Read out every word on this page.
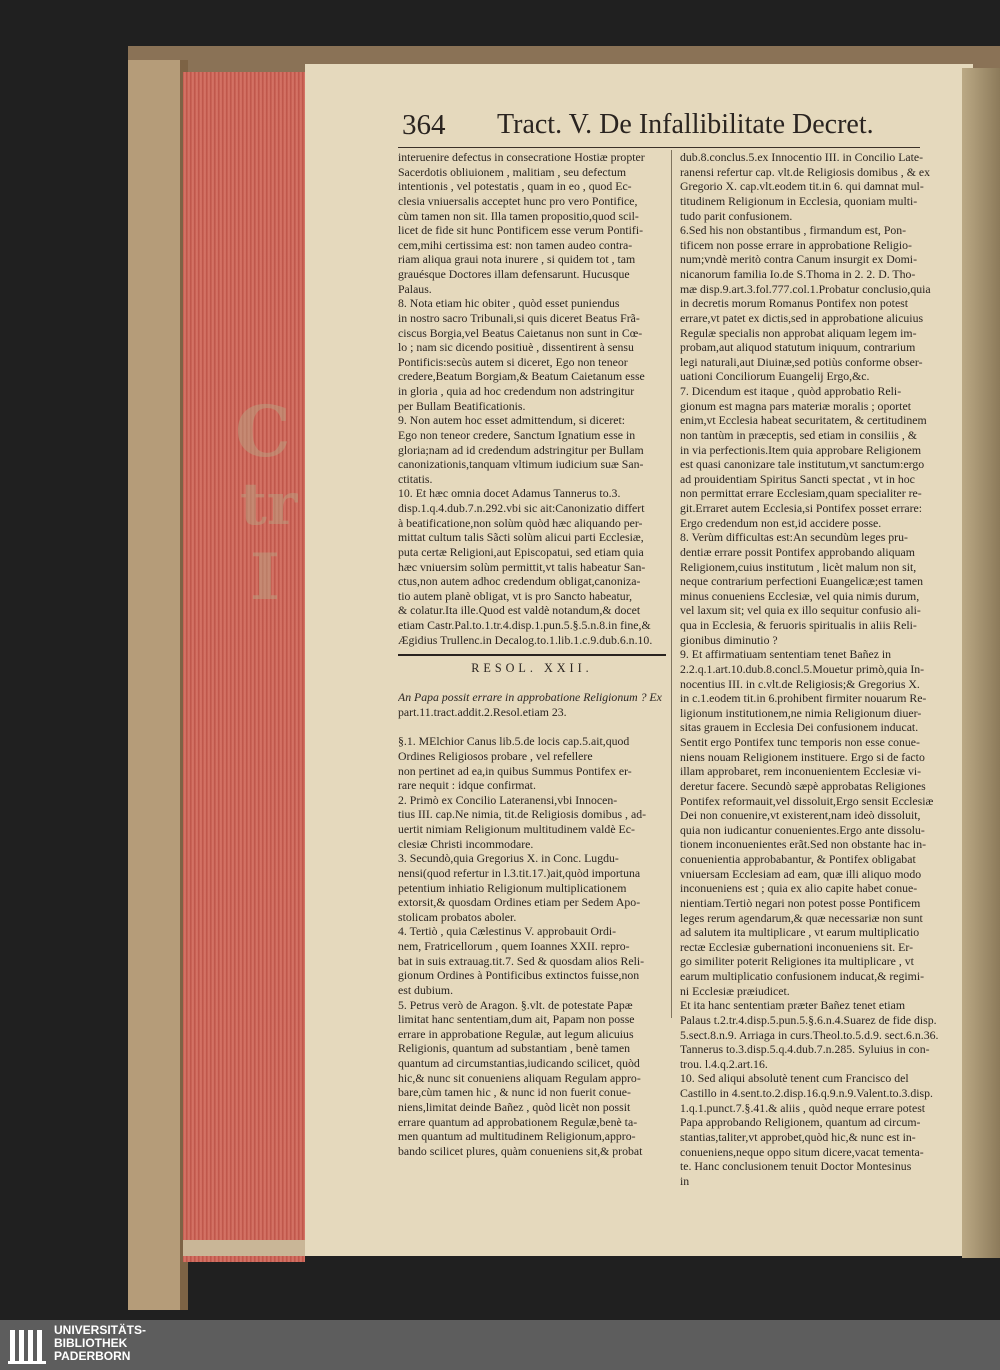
C
tr
I
364 Tract. V. De Infallibilitate Decret.

interuenire defectus in consecratione Hostiæ propter

Sacerdotis obliuionem , malitiam , seu defectum

intentionis , vel potestatis , quam in eo , quod Ec-

clesia vniuersalis acceptet hunc pro vero Pontifice,

cùm tamen non sit. Illa tamen propositio,quod scil-

licet de fide sit hunc Pontificem esse verum Pontifi-

cem,mihi certissima est: non tamen audeo contra-

riam aliqua graui nota inurere , si quidem tot , tam

grauésque Doctores illam defensarunt. Hucusque

Palaus.

8. Nota etiam hic obiter , quòd esset puniendus

in nostro sacro Tribunali,si quis diceret Beatus Frã-

ciscus Borgia,vel Beatus Caietanus non sunt in Cœ-

lo ; nam sic dicendo positiuè , dissentirent à sensu

Pontificis:secùs autem si diceret, Ego non teneor

credere,Beatum Borgiam,& Beatum Caietanum esse

in gloria , quia ad hoc credendum non adstringitur

per Bullam Beatificationis.

9. Non autem hoc esset admittendum, si diceret:

Ego non teneor credere, Sanctum Ignatium esse in

gloria;nam ad id credendum adstringitur per Bullam

canonizationis,tanquam vltimum iudicium suæ San-

ctitatis.

10. Et hæc omnia docet Adamus Tannerus to.3.

disp.1.q.4.dub.7.n.292.vbi sic ait:Canonizatio differt

à beatificatione,non solùm quòd hæc aliquando per-

mittat cultum talis Sãcti solùm alicui parti Ecclesiæ,

puta certæ Religioni,aut Episcopatui, sed etiam quia

hæc vniuersim solùm permittit,vt talis habeatur San-

ctus,non autem adhoc credendum obligat,canoniza-

tio autem planè obligat, vt is pro Sancto habeatur,

& colatur.Ita ille.Quod est valdè notandum,& docet

etiam Castr.Pal.to.1.tr.4.disp.1.pun.5.§.5.n.8.in fine,&

Ægidius Trullenc.in Decalog.to.1.lib.1.c.9.dub.6.n.10.

RESOL. XXII.

An Papa possit errare in approbatione Religionum ? Ex

part.11.tract.addit.2.Resol.etiam 23.

§.1. MElchior Canus lib.5.de locis cap.5.ait,quod

Ordines Religiosos probare , vel refellere

non pertinet ad ea,in quibus Summus Pontifex er-

rare nequit : idque confirmat.

2. Primò ex Concilio Lateranensi,vbi Innocen-

tius III. cap.Ne nimia, tit.de Religiosis domibus , ad-

uertit nimiam Religionum multitudinem valdè Ec-

clesiæ Christi incommodare.

3. Secundò,quia Gregorius X. in Conc. Lugdu-

nensi(quod refertur in l.3.tit.17.)ait,quòd importuna

petentium inhiatio Religionum multiplicationem

extorsit,& quosdam Ordines etiam per Sedem Apo-

stolicam probatos aboler.

4. Tertiò , quia Cælestinus V. approbauit Ordi-

nem, Fratricellorum , quem Ioannes XXII. repro-

bat in suis extrauag.tit.7. Sed & quosdam alios Reli-

gionum Ordines à Pontificibus extinctos fuisse,non

est dubium.

5. Petrus verò de Aragon. §.vlt. de potestate Papæ

limitat hanc sententiam,dum ait, Papam non posse

errare in approbatione Regulæ, aut legum alicuius

Religionis, quantum ad substantiam , benè tamen

quantum ad circumstantias,iudicando scilicet, quòd

hic,& nunc sit conueniens aliquam Regulam appro-

bare,cùm tamen hic , & nunc id non fuerit conue-

niens,limitat deinde Bañez , quòd licèt non possit

errare quantum ad approbationem Regulæ,benè ta-

men quantum ad multitudinem Religionum,appro-

bando scilicet plures, quàm conueniens sit,& probat

dub.8.conclus.5.ex Innocentio III. in Concilio Late-

ranensi refertur cap. vlt.de Religiosis domibus , & ex

Gregorio X. cap.vlt.eodem tit.in 6. qui damnat mul-

titudinem Religionum in Ecclesia, quoniam multi-

tudo parit confusionem.

6.Sed his non obstantibus , firmandum est, Pon-

tificem non posse errare in approbatione Religio-

num;vndè meritò contra Canum insurgit ex Domi-

nicanorum familia Io.de S.Thoma in 2. 2. D. Tho-

mæ disp.9.art.3.fol.777.col.1.Probatur conclusio,quia

in decretis morum Romanus Pontifex non potest

errare,vt patet ex dictis,sed in approbatione alicuius

Regulæ specialis non approbat aliquam legem im-

probam,aut aliquod statutum iniquum, contrarium

legi naturali,aut Diuinæ,sed potiùs conforme obser-

uationi Conciliorum Euangelij Ergo,&c.

7. Dicendum est itaque , quòd approbatio Reli-

gionum est magna pars materiæ moralis ; oportet

enim,vt Ecclesia habeat securitatem, & certitudinem

non tantùm in præceptis, sed etiam in consiliis , &

in via perfectionis.Item quia approbare Religionem

est quasi canonizare tale institutum,vt sanctum:ergo

ad prouidentiam Spiritus Sancti spectat , vt in hoc

non permittat errare Ecclesiam,quam specialiter re-

git.Erraret autem Ecclesia,si Pontifex posset errare:

Ergo credendum non est,id accidere posse.

8. Verùm difficultas est:An secundùm leges pru-

dentiæ errare possit Pontifex approbando aliquam

Religionem,cuius institutum , licèt malum non sit,

neque contrarium perfectioni Euangelicæ;est tamen

minus conueniens Ecclesiæ, vel quia nimis durum,

vel laxum sit; vel quia ex illo sequitur confusio ali-

qua in Ecclesia, & feruoris spiritualis in aliis Reli-

gionibus diminutio ?

9. Et affirmatiuam sententiam tenet Bañez in

2.2.q.1.art.10.dub.8.concl.5.Mouetur primò,quia In-

nocentius III. in c.vlt.de Religiosis;& Gregorius X.

in c.1.eodem tit.in 6.prohibent firmiter nouarum Re-

ligionum institutionem,ne nimia Religionum diuer-

sitas grauem in Ecclesia Dei confusionem inducat.

Sentit ergo Pontifex tunc temporis non esse conue-

niens nouam Religionem instituere. Ergo si de facto

illam approbaret, rem inconuenientem Ecclesiæ vi-

deretur facere. Secundò sæpè approbatas Religiones

Pontifex reformauit,vel dissoluit,Ergo sensit Ecclesiæ

Dei non conuenire,vt existerent,nam ideò dissoluit,

quia non iudicantur conuenientes.Ergo ante dissolu-

tionem inconuenientes erãt.Sed non obstante hac in-

conuenientia approbabantur, & Pontifex obligabat

vniuersam Ecclesiam ad eam, quæ illi aliquo modo

inconueniens est ; quia ex alio capite habet conue-

nientiam.Tertiò negari non potest posse Pontificem

leges rerum agendarum,& quæ necessariæ non sunt

ad salutem ita multiplicare , vt earum multiplicatio

rectæ Ecclesiæ gubernationi inconueniens sit. Er-

go similiter poterit Religiones ita multiplicare , vt

earum multiplicatio confusionem inducat,& regimi-

ni Ecclesiæ præiudicet.

Et ita hanc sententiam præter Bañez tenet etiam

Palaus t.2.tr.4.disp.5.pun.5.§.6.n.4.Suarez de fide disp.

5.sect.8.n.9. Arriaga in curs.Theol.to.5.d.9. sect.6.n.36.

Tannerus to.3.disp.5.q.4.dub.7.n.285. Syluius in con-

trou. l.4.q.2.art.16.

10. Sed aliqui absolutè tenent cum Francisco del

Castillo in 4.sent.to.2.disp.16.q.9.n.9.Valent.to.3.disp.

1.q.1.punct.7.§.41.& aliis , quòd neque errare potest

Papa approbando Religionem, quantum ad circum-

stantias,taliter,vt approbet,quòd hic,& nunc est in-

conueniens,neque oppo situm dicere,vacat tementa-

te. Hanc conclusionem tenuit Doctor Montesinus

in

UNIVERSITÄTS-
BIBLIOTHEK
PADERBORN
